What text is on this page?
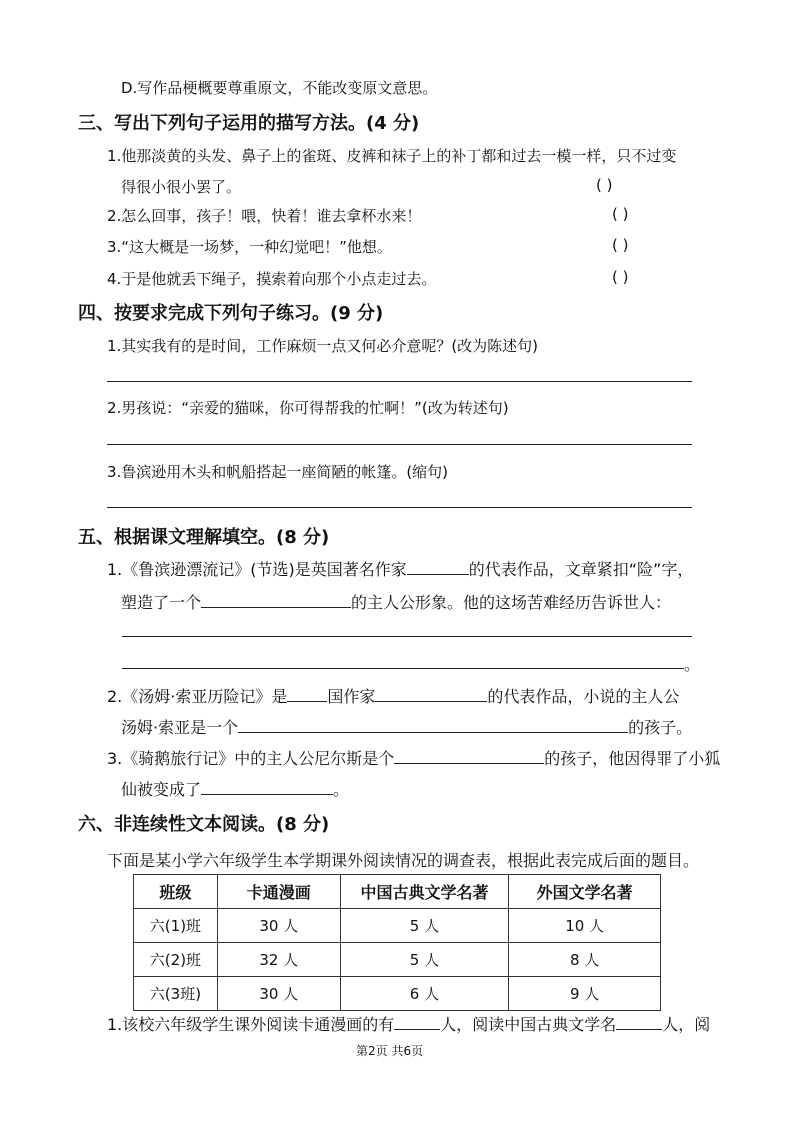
D.写作品梗概要尊重原文，不能改变原文意思。
三、写出下列句子运用的描写方法。(4 分)
1.他那淡黄的头发、鼻子上的雀斑、皮裤和袜子上的补丁都和过去一模一样，只不过变
得很小很小罢了。	( )
2.怎么回事，孩子！喂，快着！谁去拿杯水来！	( )
3.“这大概是一场梦，一种幻觉吧！”他想。	( )
4.于是他就丢下绳子，摸索着向那个小点走过去。	( )
四、按要求完成下列句子练习。(9 分)
1.其实我有的是时间，工作麻烦一点又何必介意呢？(改为陈述句)
2.男孩说：“亲爱的猫咪，你可得帮我的忙啊！”(改为转述句)
3.鲁滨逊用木头和帆船搭起一座简陋的帐篷。(缩句)
五、根据课文理解填空。(8 分)
1.《鲁滨逊漂流记》(节选)是英国著名作家	的代表作品，文章紧扣“险”字，
塑造了一个	的主人公形象。他的这场苦难经历告诉世人：
。
2.《汤姆·索亚历险记》是	国作家	的代表作品，小说的主人公
汤姆·索亚是一个	的孩子。
3.《骑鹅旅行记》中的主人公尼尔斯是个	的孩子，他因得罪了小狐
仙被变成了	。
六、非连续性文本阅读。(8 分)
下面是某小学六年级学生本学期课外阅读情况的调查表，根据此表完成后面的题目。
班级	卡通漫画	中国古典文学名著	外国文学名著
六(1)班	30 人	5 人	10 人
六(2)班	32 人	5 人	8 人
六(3班)	30 人	6 人	9 人
1.该校六年级学生课外阅读卡通漫画的有	人，阅读中国古典文学名	人，阅
第2页 共6页
